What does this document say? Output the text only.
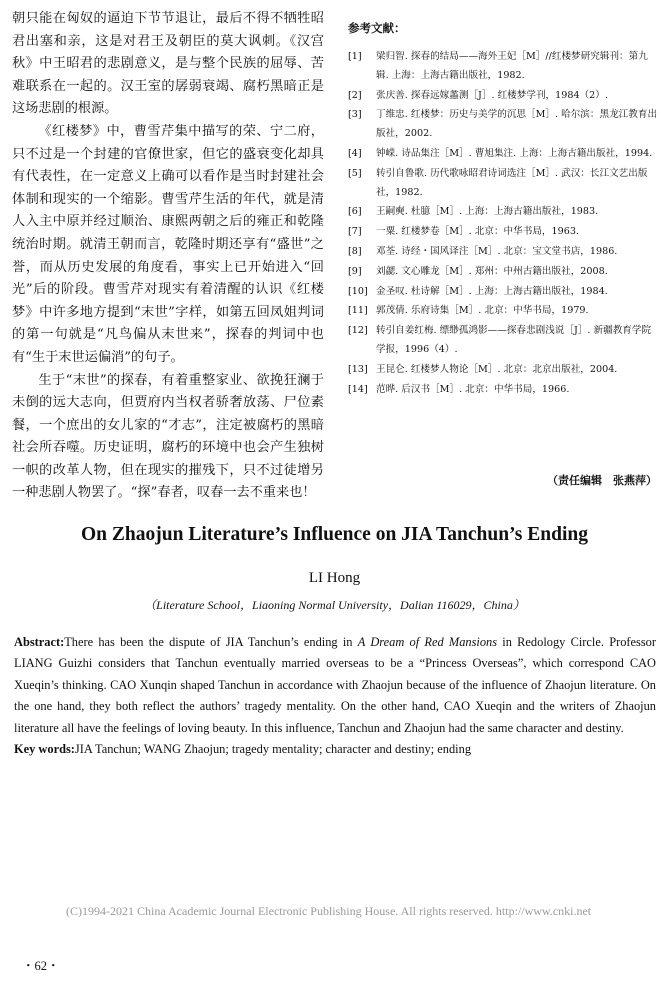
朝只能在匈奴的逼迫下节节退让，最后不得不牺牲昭君出塞和亲，这是对君王及朝臣的莫大讽刺。《汉宫秋》中王昭君的悲剧意义，是与整个民族的屈辱、苦难联系在一起的。汉王室的孱弱衰竭、腐朽黑暗正是这场悲剧的根源。

《红楼梦》中，曹雪芹集中描写的荣、宁二府，只不过是一个封建的官僚世家，但它的盛衰变化却具有代表性，在一定意义上确可以看作是当时封建社会体制和现实的一个缩影。曹雪芹生活的年代，就是清人入主中原并经过顺治、康熙两朝之后的雍正和乾隆统治时期。就清王朝而言，乾隆时期还享有“盛世”之誉，而从历史发展的角度看，事实上已开始进入“回光”后的阶段。曹雪芹对现实有着清醒的认识《红楼梦》中许多地方提到“末世”字样，如第五回凤姐判词的第一句就是“凡鸟偏从末世来”，探春的判词中也有“生于末世运偏消”的句子。

生于“末世”的探春，有着重整家业、欲挽狂澜于未倒的远大志向，但贾府内当权者骄奢放荡、尸位素餐，一个庶出的女儿家的“才志”，注定被腐朽的黑暗社会所吞噬。历史证明，腐朽的环境中也会产生独树一帜的改革人物，但在现实的摧残下，只不过徒增另一种悲剧人物罢了。“探”春者，叹春一去不重来也！

参考文献：
[1]	梁归智. 探春的结局——海外王妃［M］//红楼梦研究辑刊：第九辑. 上海：上海古籍出版社，1982.
[2]	张庆善. 探春远嫁蠡测［J］. 红楼梦学刊，1984（2）.
[3]	丁维忠. 红楼梦：历史与美学的沉思［M］. 哈尔滨：黑龙江教育出版社，2002.
[4]	钟嵘. 诗品集注［M］. 曹旭集注. 上海：上海古籍出版社，1994.
[5]	转引自鲁歌. 历代歌咏昭君诗词选注［M］. 武汉：长江文艺出版社，1982.
[6]	王嗣奭. 杜臆［M］. 上海：上海古籍出版社，1983.
[7]	一粟. 红楼梦卷［M］. 北京：中华书局，1963.
[8]	邓荃. 诗经・国风译注［M］. 北京：宝文堂书店，1986.
[9]	刘勰. 文心雕龙［M］. 郑州：中州古籍出版社，2008.
[10] 金圣叹. 杜诗解［M］. 上海：上海古籍出版社，1984.
[11] 郭茂倩. 乐府诗集［M］. 北京：中华书局，1979.
[12] 转引自姜红梅. 缥缈孤鸿影——探春悲剧浅说［J］. 新疆教育学院学报，1996（4）.
[13] 王昆仑. 红楼梦人物论［M］. 北京：北京出版社，2004.
[14] 范晔. 后汉书［M］. 北京：中华书局，1966.
（责任编辑　张燕萍）
On Zhaojun Literature’s Influence on JIA Tanchun’s Ending
LI Hong
（Literature School，Liaoning Normal University，Dalian 116029，China）

Abstract:There has been the dispute of JIA Tanchun’s ending in A Dream of Red Mansions in Redology Circle. Professor LIANG Guizhi considers that Tanchun eventually married overseas to be a “Princess Overseas”, which correspond CAO Xueqin’s thinking. CAO Xunqin shaped Tanchun in accordance with Zhaojun because of the influence of Zhaojun literature. On the one hand, they both reflect the authors’ tragedy mentality. On the other hand, CAO Xueqin and the writers of Zhaojun literature all have the feelings of loving beauty. In this influence, Tanchun and Zhaojun had the same character and destiny.

Key words:JIA Tanchun; WANG Zhaojun; tragedy mentality; character and destiny; ending

(C)1994-2021 China Academic Journal Electronic Publishing House. All rights reserved. http://www.cnki.net
・62・
